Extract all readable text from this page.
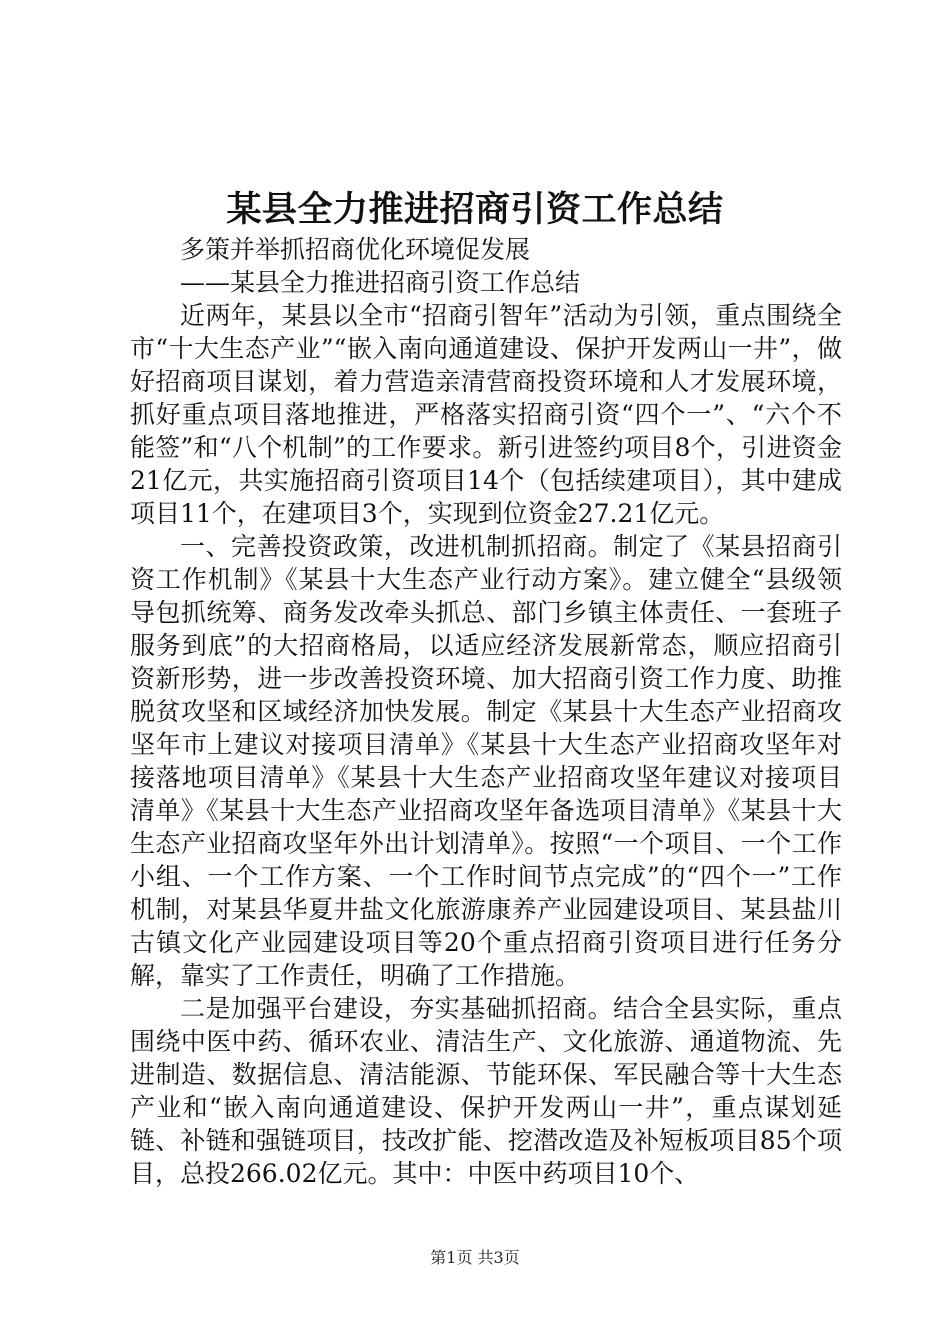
某县全力推进招商引资工作总结

多策并举抓招商优化环境促发展

——某县全力推进招商引资工作总结

近两年，某县以全市“招商引智年”活动为引领，重点围绕全市“十大生态产业”“嵌入南向通道建设、保护开发两山一井”，做好招商项目谋划，着力营造亲清营商投资环境和人才发展环境，抓好重点项目落地推进，严格落实招商引资“四个一”、“六个不能签”和“八个机制”的工作要求。新引进签约项目8个，引进资金21亿元，共实施招商引资项目14个（包括续建项目），其中建成项目11个，在建项目3个，实现到位资金27.21亿元。

一、完善投资政策，改进机制抓招商。制定了《某县招商引资工作机制》《某县十大生态产业行动方案》。建立健全“县级领导包抓统筹、商务发改牵头抓总、部门乡镇主体责任、一套班子服务到底”的大招商格局，以适应经济发展新常态，顺应招商引资新形势，进一步改善投资环境、加大招商引资工作力度、助推脱贫攻坚和区域经济加快发展。制定《某县十大生态产业招商攻坚年市上建议对接项目清单》《某县十大生态产业招商攻坚年对接落地项目清单》《某县十大生态产业招商攻坚年建议对接项目清单》《某县十大生态产业招商攻坚年备选项目清单》《某县十大生态产业招商攻坚年外出计划清单》。按照“一个项目、一个工作小组、一个工作方案、一个工作时间节点完成”的“四个一”工作机制，对某县华夏井盐文化旅游康养产业园建设项目、某县盐川古镇文化产业园建设项目等20个重点招商引资项目进行任务分解，靠实了工作责任，明确了工作措施。

二是加强平台建设，夯实基础抓招商。结合全县实际，重点围绕中医中药、循环农业、清洁生产、文化旅游、通道物流、先进制造、数据信息、清洁能源、节能环保、军民融合等十大生态产业和“嵌入南向通道建设、保护开发两山一井”，重点谋划延链、补链和强链项目，技改扩能、挖潜改造及补短板项目85个项目，总投266.02亿元。其中：中医中药项目10个、

第1页 共3页
